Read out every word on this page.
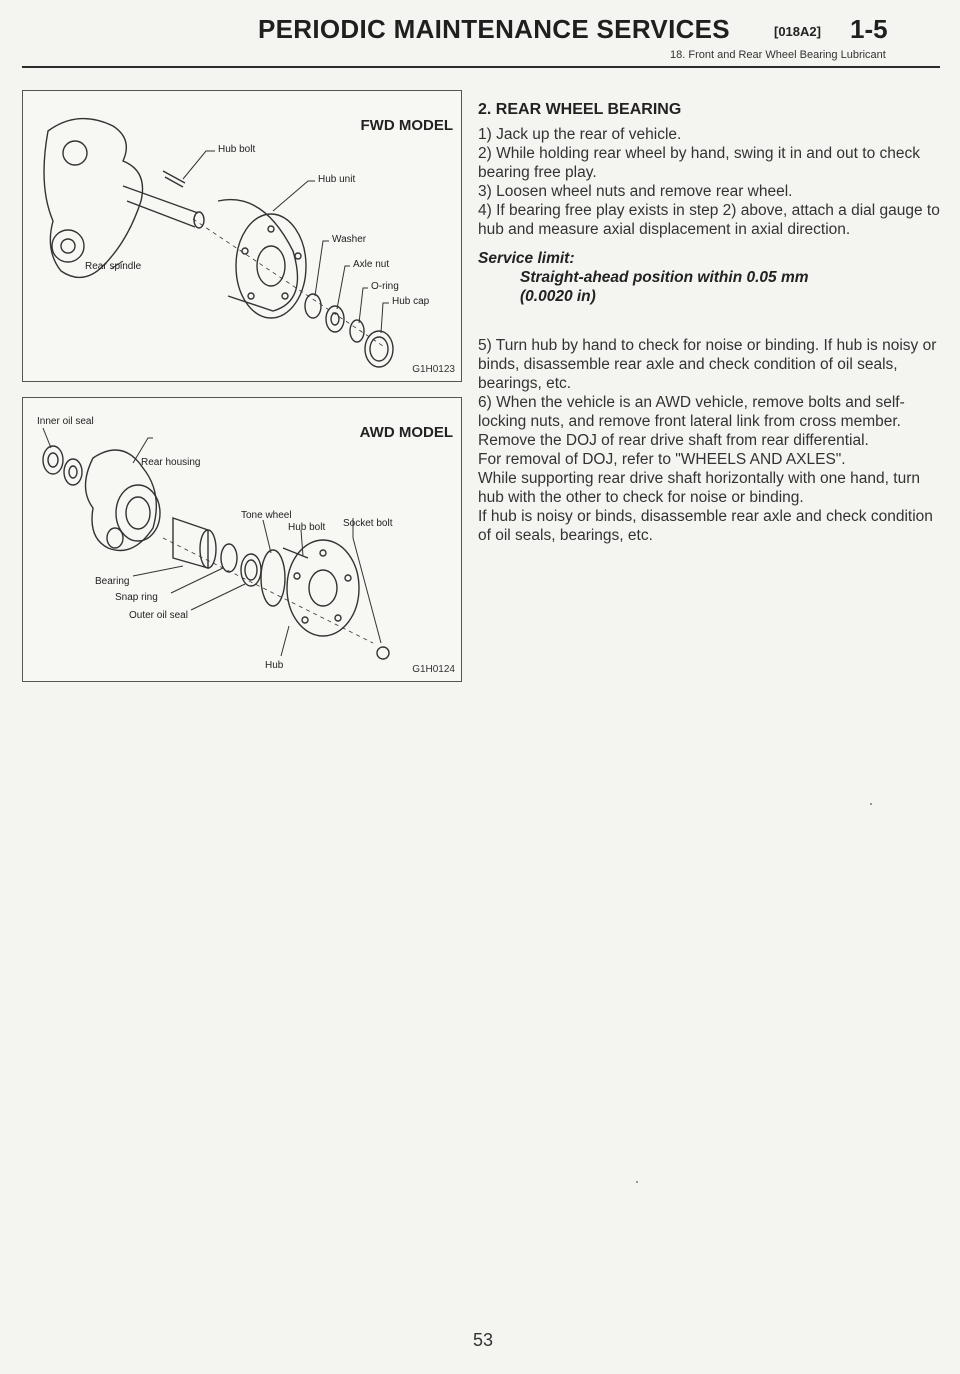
PERIODIC MAINTENANCE SERVICES	[018A2] 1-5
18. Front and Rear Wheel Bearing Lubricant
FWD MODEL
Hub bolt
Hub unit
Washer
Axle nut
O-ring
Hub cap
Rear spindle
G1H0123
Inner oil seal
AWD MODEL
Rear housing
Tone wheel
Hub bolt Socket bolt
Bearing
Snap ring
Outer oil seal
Hub	G1H0124

2. REAR WHEEL BEARING

1) Jack up the rear of vehicle.

2) While holding rear wheel by hand, swing it in and out to check bearing free play.

3) Loosen wheel nuts and remove rear wheel.

4) If bearing free play exists in step 2) above, attach a dial gauge to hub and measure axial displacement in axial direction.

Service limit:

Straight-ahead position within 0.05 mm

(0.0020 in)

5) Turn hub by hand to check for noise or binding. If hub is noisy or binds, disassemble rear axle and check condition of oil seals, bearings, etc.

6) When the vehicle is an AWD vehicle, remove bolts and self-locking nuts, and remove front lateral link from cross member.

Remove the DOJ of rear drive shaft from rear differential.

For removal of DOJ, refer to "WHEELS AND AXLES".

While supporting rear drive shaft horizontally with one hand, turn hub with the other to check for noise or binding.

If hub is noisy or binds, disassemble rear axle and check condition of oil seals, bearings, etc.

53
